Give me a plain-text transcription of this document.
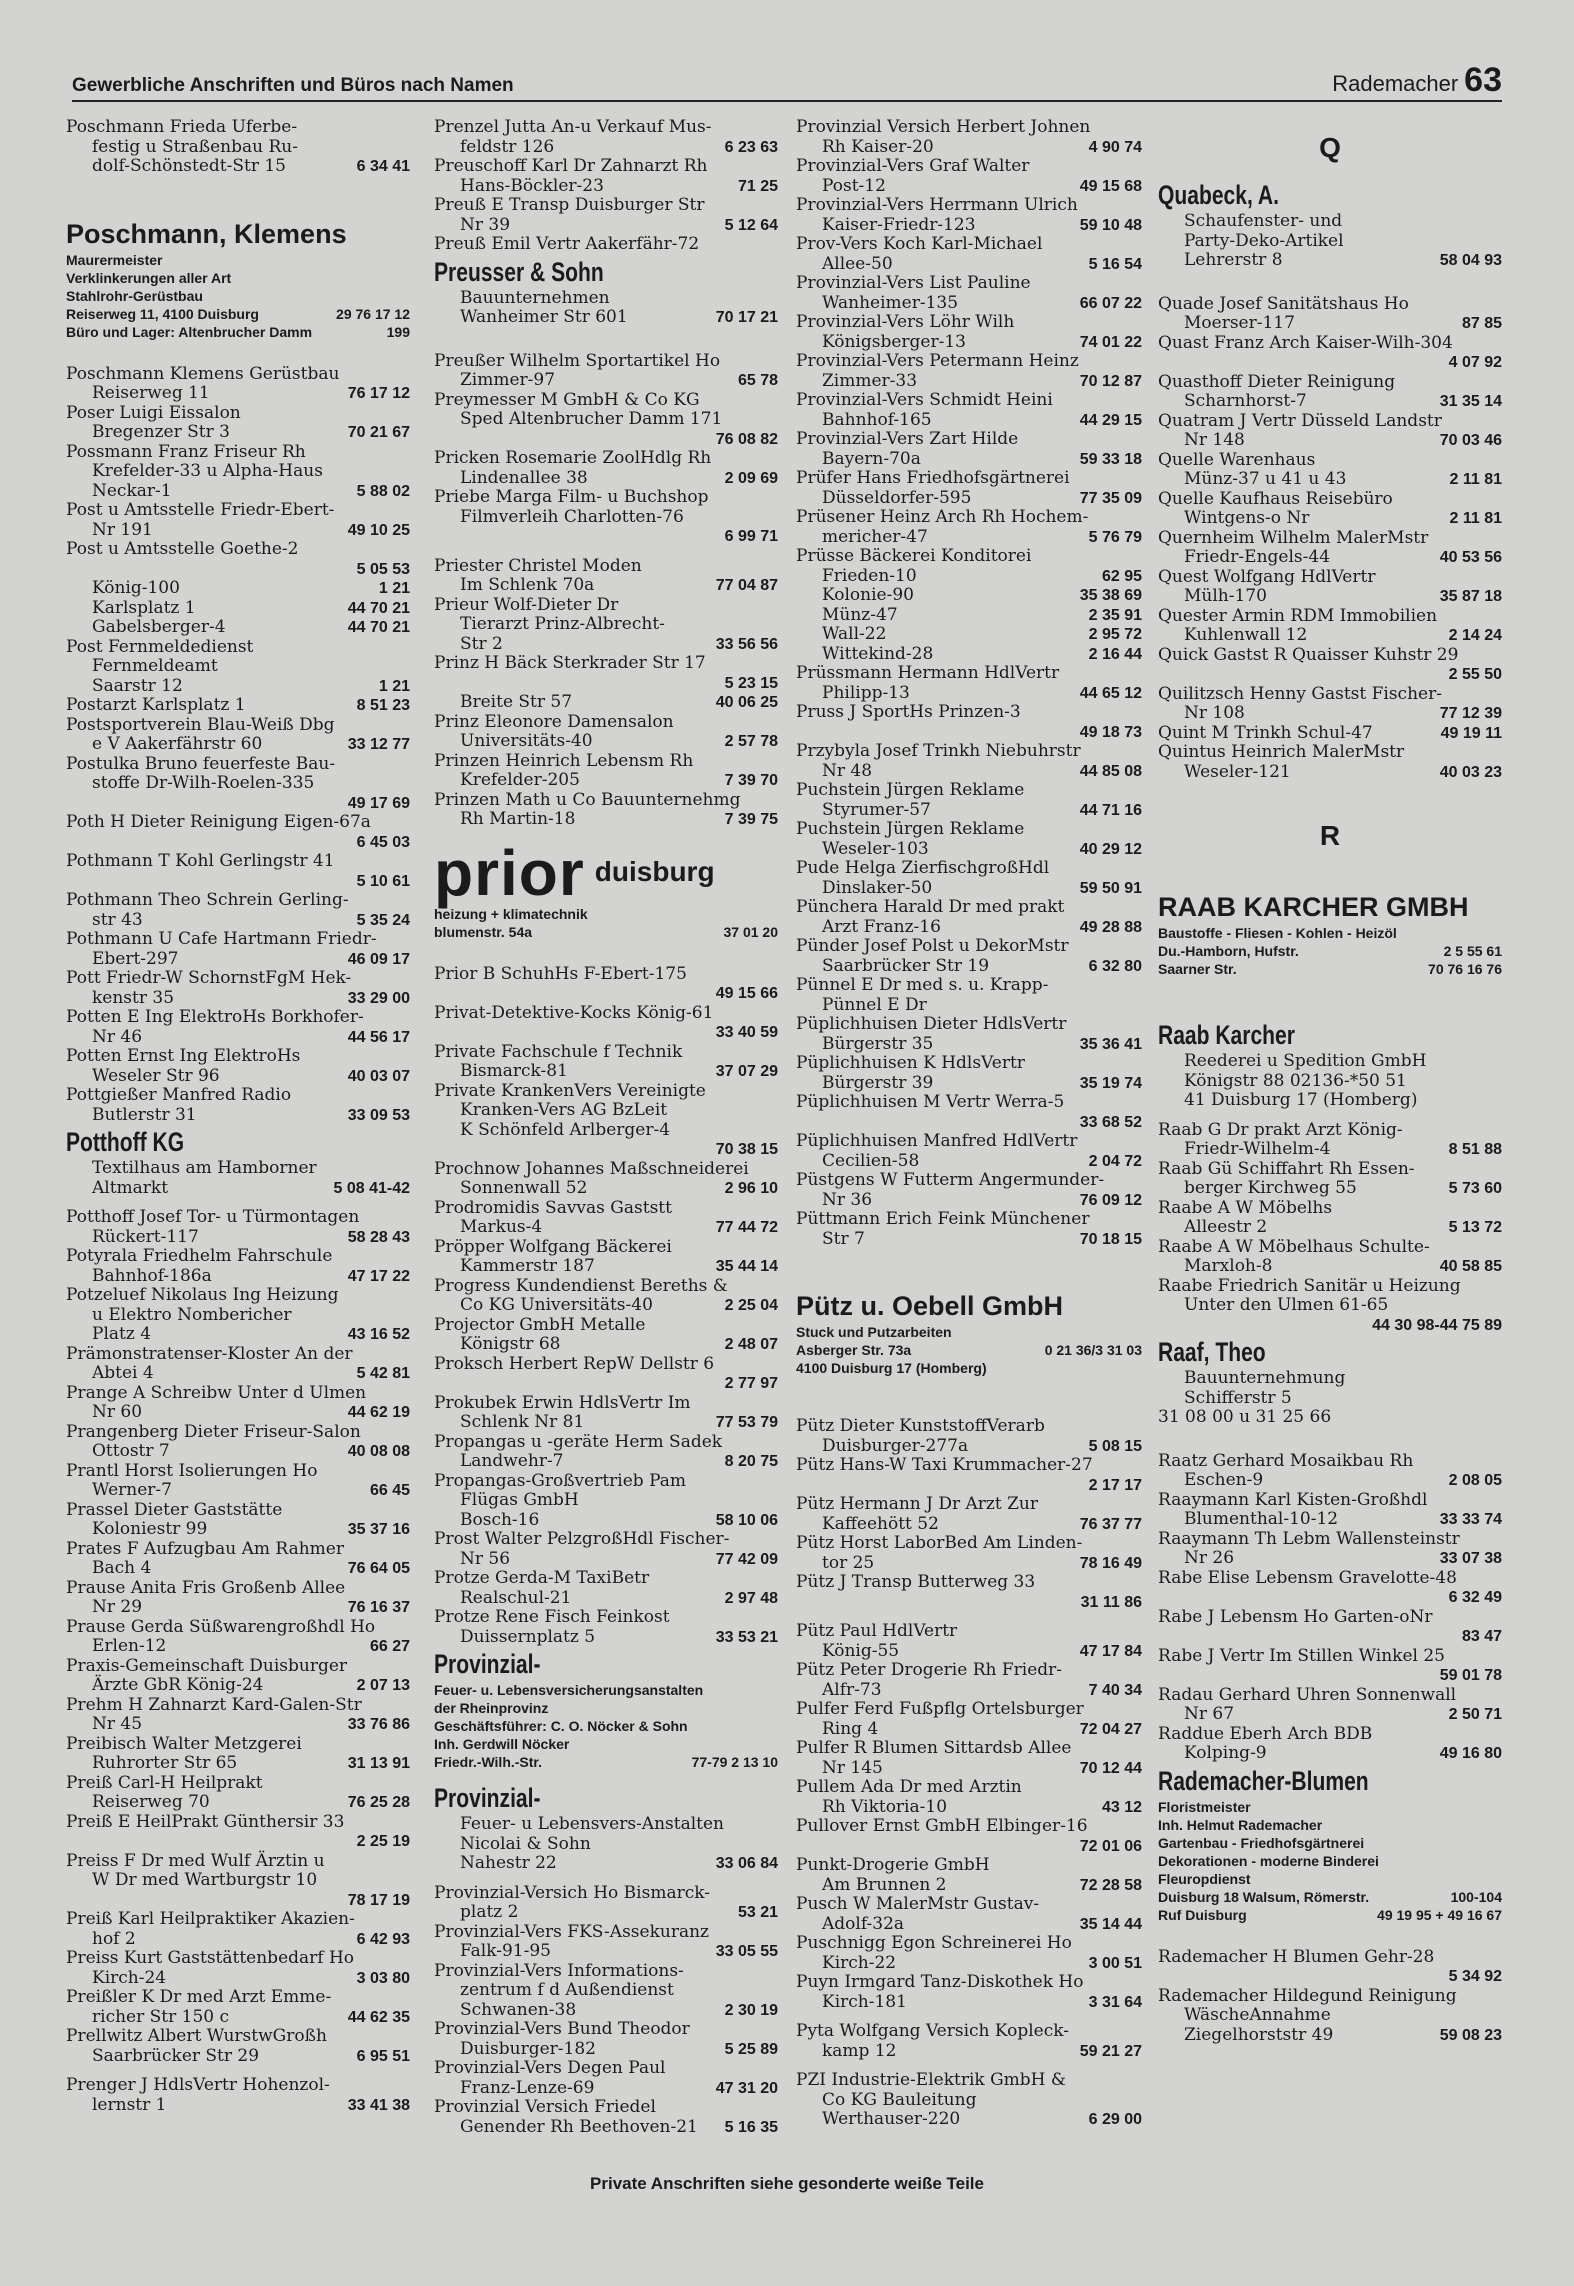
Gewerbliche Anschriften und Büros nach Namen	Rademacher 63
Poschmann Frieda Uferbe-
festig u Straßenbau Ru-
dolf-Schönstedt-Str 15	6 34 41
Poschmann, Klemens
Maurermeister
Verklinkerungen aller Art
Stahlrohr-Gerüstbau
Reiserweg 11, 4100 Duisburg	29 76 17 12
Büro und Lager: Altenbrucher Damm	199
Poschmann Klemens Gerüstbau
Reiserweg 11	76 17 12
Poser Luigi Eissalon
Bregenzer Str 3	70 21 67
Possmann Franz Friseur Rh
Krefelder-33 u Alpha-Haus
Neckar-1	5 88 02
Post u Amtsstelle Friedr-Ebert-
Nr 191	49 10 25
Post u Amtsstelle Goethe-2
5 05 53
König-100	1 21
Karlsplatz 1	44 70 21
Gabelsberger-4	44 70 21
Post Fernmeldedienst
Fernmeldeamt
Saarstr 12	1 21
Postarzt Karlsplatz 1	8 51 23
Postsportverein Blau-Weiß Dbg
e V Aakerfährstr 60	33 12 77
Postulka Bruno feuerfeste Bau-
stoffe Dr-Wilh-Roelen-335
49 17 69
Poth H Dieter Reinigung Eigen-67a
6 45 03
Pothmann T Kohl Gerlingstr 41
5 10 61
Pothmann Theo Schrein Gerling-
str 43	5 35 24
Pothmann U Cafe Hartmann Friedr-
Ebert-297	46 09 17
Pott Friedr-W SchornstFgM Hek-
kenstr 35	33 29 00
Potten E Ing ElektroHs Borkhofer-
Nr 46	44 56 17
Potten Ernst Ing ElektroHs
Weseler Str 96	40 03 07
Pottgießer Manfred Radio
Butlerstr 31	33 09 53
Potthoff KG
Textilhaus am Hamborner
Altmarkt	5 08 41-42
Potthoff Josef Tor- u Türmontagen
Rückert-117	58 28 43
Potyrala Friedhelm Fahrschule
Bahnhof-186a	47 17 22
Potzeluef Nikolaus Ing Heizung
u Elektro Nombericher
Platz 4	43 16 52
Prämonstratenser-Kloster An der
Abtei 4	5 42 81
Prange A Schreibw Unter d Ulmen
Nr 60	44 62 19
Prangenberg Dieter Friseur-Salon
Ottostr 7	40 08 08
Prantl Horst Isolierungen Ho
Werner-7	66 45
Prassel Dieter Gaststätte
Koloniestr 99	35 37 16
Prates F Aufzugbau Am Rahmer
Bach 4	76 64 05
Prause Anita Fris Großenb Allee
Nr 29	76 16 37
Prause Gerda Süßwarengroßhdl Ho
Erlen-12	66 27
Praxis-Gemeinschaft Duisburger
Ärzte GbR König-24	2 07 13
Prehm H Zahnarzt Kard-Galen-Str
Nr 45	33 76 86
Preibisch Walter Metzgerei
Ruhrorter Str 65	31 13 91
Preiß Carl-H Heilprakt
Reiserweg 70	76 25 28
Preiß E HeilPrakt Günthersir 33
2 25 19
Preiss F Dr med Wulf Ärztin u
W Dr med Wartburgstr 10
78 17 19
Preiß Karl Heilpraktiker Akazien-
hof 2	6 42 93
Preiss Kurt Gaststättenbedarf Ho
Kirch-24	3 03 80
Preißler K Dr med Arzt Emme-
richer Str 150 c	44 62 35
Prellwitz Albert WurstwGroßh
Saarbrücker Str 29	6 95 51
Prenger J HdlsVertr Hohenzol-
lernstr 1	33 41 38
Prenzel Jutta An-u Verkauf Mus-
feldstr 126	6 23 63
Preuschoff Karl Dr Zahnarzt Rh
Hans-Böckler-23	71 25
Preuß E Transp Duisburger Str
Nr 39	5 12 64
Preuß Emil Vertr Aakerfähr-72
Preusser & Sohn
Bauunternehmen
Wanheimer Str 601	70 17 21
Preußer Wilhelm Sportartikel Ho
Zimmer-97	65 78
Preymesser M GmbH & Co KG
Sped Altenbrucher Damm 171
76 08 82
Pricken Rosemarie ZoolHdlg Rh
Lindenallee 38	2 09 69
Priebe Marga Film- u Buchshop
Filmverleih Charlotten-76
6 99 71
Priester Christel Moden
Im Schlenk 70a	77 04 87
Prieur Wolf-Dieter Dr
Tierarzt Prinz-Albrecht-
Str 2	33 56 56
Prinz H Bäck Sterkrader Str 17
5 23 15
Breite Str 57	40 06 25
Prinz Eleonore Damensalon
Universitäts-40	2 57 78
Prinzen Heinrich Lebensm Rh
Krefelder-205	7 39 70
Prinzen Math u Co Bauunternehmg
Rh Martin-18	7 39 75
prior $^{duisburg}$
heizung + klimatechnik
blumenstr. 54a	37 01 20
Prior B SchuhHs F-Ebert-175
49 15 66
Privat-Detektive-Kocks König-61
33 40 59
Private Fachschule f Technik
Bismarck-81	37 07 29
Private KrankenVers Vereinigte
Kranken-Vers AG BzLeit
K Schönfeld Arlberger-4
70 38 15
Prochnow Johannes Maßschneiderei
Sonnenwall 52	2 96 10
Prodromidis Savvas Gaststt
Markus-4	77 44 72
Pröpper Wolfgang Bäckerei
Kammerstr 187	35 44 14
Progress Kundendienst Bereths &
Co KG Universitäts-40	2 25 04
Projector GmbH Metalle
Königstr 68	2 48 07
Proksch Herbert RepW Dellstr 6
2 77 97
Prokubek Erwin HdlsVertr Im
Schlenk Nr 81	77 53 79
Propangas u -geräte Herm Sadek
Landwehr-7	8 20 75
Propangas-Großvertrieb Pam
Flügas GmbH
Bosch-16	58 10 06
Prost Walter PelzgroßHdl Fischer-
Nr 56	77 42 09
Protze Gerda-M TaxiBetr
Realschul-21	2 97 48
Protze Rene Fisch Feinkost
Duissernplatz 5	33 53 21
Provinzial-
Feuer- u. Lebensversicherungsanstalten
der Rheinprovinz
Geschäftsführer: C. O. Nöcker & Sohn
Inh. Gerdwill Nöcker
Friedr.-Wilh.-Str.	77-79 2 13 10
Provinzial-
Feuer- u Lebensvers-Anstalten
Nicolai & Sohn
Nahestr 22	33 06 84
Provinzial-Versich Ho Bismarck-
platz 2	53 21
Provinzial-Vers FKS-Assekuranz
Falk-91-95	33 05 55
Provinzial-Vers Informations-
zentrum f d Außendienst
Schwanen-38	2 30 19
Provinzial-Vers Bund Theodor
Duisburger-182	5 25 89
Provinzial-Vers Degen Paul
Franz-Lenze-69	47 31 20
Provinzial Versich Friedel
Genender Rh Beethoven-21	5 16 35
Provinzial Versich Herbert Johnen
Rh Kaiser-20	4 90 74
Provinzial-Vers Graf Walter
Post-12	49 15 68
Provinzial-Vers Herrmann Ulrich
Kaiser-Friedr-123	59 10 48
Prov-Vers Koch Karl-Michael
Allee-50	5 16 54
Provinzial-Vers List Pauline
Wanheimer-135	66 07 22
Provinzial-Vers Löhr Wilh
Königsberger-13	74 01 22
Provinzial-Vers Petermann Heinz
Zimmer-33	70 12 87
Provinzial-Vers Schmidt Heini
Bahnhof-165	44 29 15
Provinzial-Vers Zart Hilde
Bayern-70a	59 33 18
Prüfer Hans Friedhofsgärtnerei
Düsseldorfer-595	77 35 09
Prüsener Heinz Arch Rh Hochem-
mericher-47	5 76 79
Prüsse Bäckerei Konditorei
Frieden-10	62 95
Kolonie-90	35 38 69
Münz-47	2 35 91
Wall-22	2 95 72
Wittekind-28	2 16 44
Prüssmann Hermann HdlVertr
Philipp-13	44 65 12
Pruss J SportHs Prinzen-3
49 18 73
Przybyla Josef Trinkh Niebuhrstr
Nr 48	44 85 08
Puchstein Jürgen Reklame
Styrumer-57	44 71 16
Puchstein Jürgen Reklame
Weseler-103	40 29 12
Pude Helga ZierfischgroßHdl
Dinslaker-50	59 50 91
Pünchera Harald Dr med prakt
Arzt Franz-16	49 28 88
Pünder Josef Polst u DekorMstr
Saarbrücker Str 19	6 32 80
Pünnel E Dr med s. u. Krapp-
Pünnel E Dr
Püplichhuisen Dieter HdlsVertr
Bürgerstr 35	35 36 41
Püplichhuisen K HdlsVertr
Bürgerstr 39	35 19 74
Püplichhuisen M Vertr Werra-5
33 68 52
Püplichhuisen Manfred HdlVertr
Cecilien-58	2 04 72
Püstgens W Futterm Angermunder-
Nr 36	76 09 12
Püttmann Erich Feink Münchener
Str 7	70 18 15
Pütz u. Oebell GmbH
Stuck und Putzarbeiten
Asberger Str. 73a	0 21 36/3 31 03
4100 Duisburg 17 (Homberg)
Pütz Dieter KunststoffVerarb
Duisburger-277a	5 08 15
Pütz Hans-W Taxi Krummacher-27
2 17 17
Pütz Hermann J Dr Arzt Zur
Kaffeehött 52	76 37 77
Pütz Horst LaborBed Am Linden-
tor 25	78 16 49
Pütz J Transp Butterweg 33
31 11 86
Pütz Paul HdlVertr
König-55	47 17 84
Pütz Peter Drogerie Rh Friedr-
Alfr-73	7 40 34
Pulfer Ferd Fußpflg Ortelsburger
Ring 4	72 04 27
Pulfer R Blumen Sittardsb Allee
Nr 145	70 12 44
Pullem Ada Dr med Arztin
Rh Viktoria-10	43 12
Pullover Ernst GmbH Elbinger-16
72 01 06
Punkt-Drogerie GmbH
Am Brunnen 2	72 28 58
Pusch W MalerMstr Gustav-
Adolf-32a	35 14 44
Puschnigg Egon Schreinerei Ho
Kirch-22	3 00 51
Puyn Irmgard Tanz-Diskothek Ho
Kirch-181	3 31 64
Pyta Wolfgang Versich Kopleck-
kamp 12	59 21 27
PZI Industrie-Elektrik GmbH &
Co KG Bauleitung
Werthauser-220	6 29 00
Q
Quabeck, A.
Schaufenster- und
Party-Deko-Artikel
Lehrerstr 8	58 04 93
Quade Josef Sanitätshaus Ho
Moerser-117	87 85
Quast Franz Arch Kaiser-Wilh-304
4 07 92
Quasthoff Dieter Reinigung
Scharnhorst-7	31 35 14
Quatram J Vertr Düsseld Landstr
Nr 148	70 03 46
Quelle Warenhaus
Münz-37 u 41 u 43	2 11 81
Quelle Kaufhaus Reisebüro
Wintgens-o Nr	2 11 81
Quernheim Wilhelm MalerMstr
Friedr-Engels-44	40 53 56
Quest Wolfgang HdlVertr
Mülh-170	35 87 18
Quester Armin RDM Immobilien
Kuhlenwall 12	2 14 24
Quick Gastst R Quaisser Kuhstr 29
2 55 50
Quilitzsch Henny Gastst Fischer-
Nr 108	77 12 39
Quint M Trinkh Schul-47	49 19 11
Quintus Heinrich MalerMstr
Weseler-121	40 03 23
R
RAAB KARCHER GMBH
Baustoffe - Fliesen - Kohlen - Heizöl
Du.-Hamborn, Hufstr.	2 5 55 61
Saarner Str.	70 76 16 76
Raab Karcher
Reederei u Spedition GmbH
Königstr 88 02136-*50 51
41 Duisburg 17 (Homberg)
Raab G Dr prakt Arzt König-
Friedr-Wilhelm-4	8 51 88
Raab Gü Schiffahrt Rh Essen-
berger Kirchweg 55	5 73 60
Raabe A W Möbelhs
Alleestr 2	5 13 72
Raabe A W Möbelhaus Schulte-
Marxloh-8	40 58 85
Raabe Friedrich Sanitär u Heizung
Unter den Ulmen 61-65
44 30 98-44 75 89
Raaf, Theo
Bauunternehmung
Schifferstr 5
31 08 00 u 31 25 66
Raatz Gerhard Mosaikbau Rh
Eschen-9	2 08 05
Raaymann Karl Kisten-Großhdl
Blumenthal-10-12	33 33 74
Raaymann Th Lebm Wallensteinstr
Nr 26	33 07 38
Rabe Elise Lebensm Gravelotte-48
6 32 49
Rabe J Lebensm Ho Garten-oNr
83 47
Rabe J Vertr Im Stillen Winkel 25
59 01 78
Radau Gerhard Uhren Sonnenwall
Nr 67	2 50 71
Raddue Eberh Arch BDB
Kolping-9	49 16 80
Rademacher-Blumen
Floristmeister
Inh. Helmut Rademacher
Gartenbau - Friedhofsgärtnerei
Dekorationen - moderne Binderei
Fleuropdienst
Duisburg 18 Walsum, Römerstr.	100-104
Ruf Duisburg	49 19 95 + 49 16 67
Rademacher H Blumen Gehr-28
5 34 92
Rademacher Hildegund Reinigung
WäscheAnnahme
Ziegelhorststr 49	59 08 23
Private Anschriften siehe gesonderte weiße Teile
